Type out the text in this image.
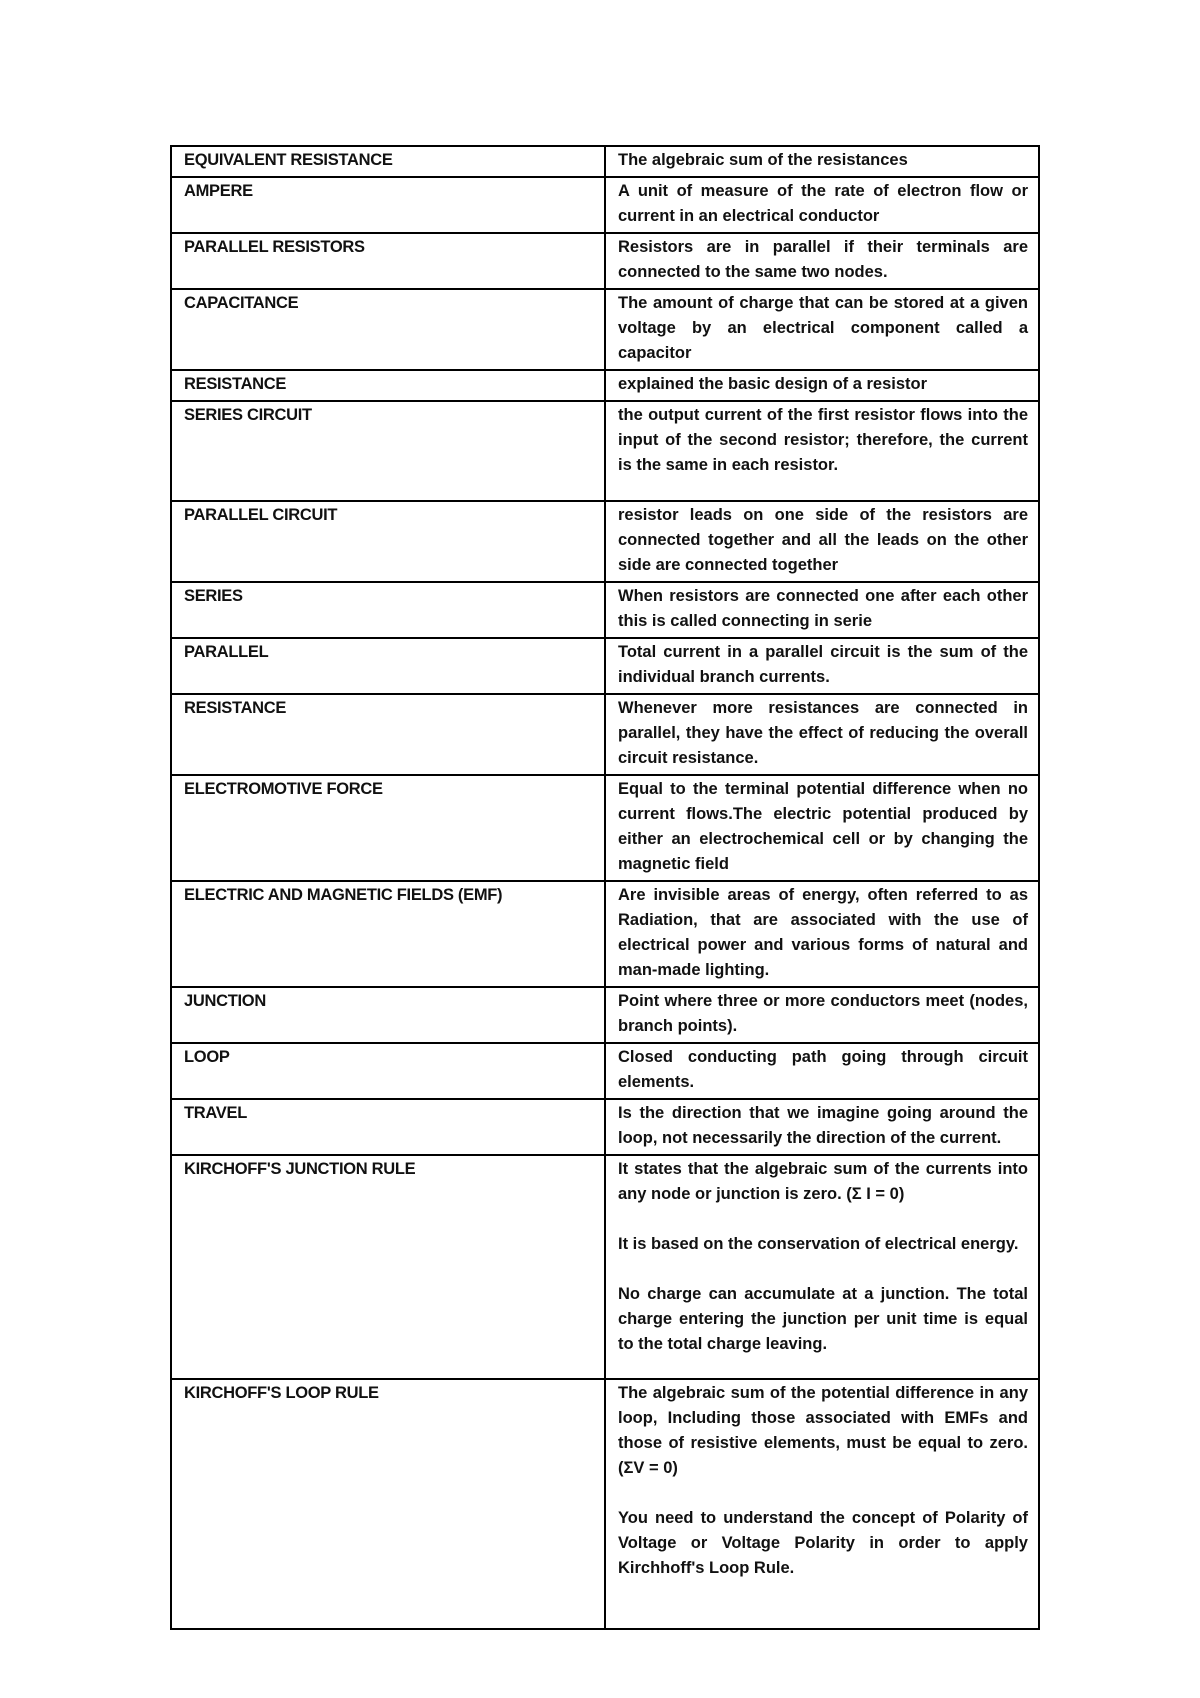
EQUIVALENT RESISTANCE	The algebraic sum of the resistances

AMPERE	A unit of measure of the rate of electron flow or current in an electrical conductor

PARALLEL RESISTORS	Resistors are in parallel if their terminals are connected to the same two nodes.

CAPACITANCE	The amount of charge that can be stored at a given voltage by an electrical component called a capacitor

RESISTANCE	explained the basic design of a resistor

SERIES CIRCUIT	the output current of the first resistor flows into the input of the second resistor; therefore, the current is the same in each resistor.

PARALLEL CIRCUIT	resistor leads on one side of the resistors are connected together and all the leads on the other side are connected together

SERIES	When resistors are connected one after each other this is called connecting in serie

PARALLEL	Total current in a parallel circuit is the sum of the individual branch currents.

RESISTANCE	Whenever more resistances are connected in parallel, they have the effect of reducing the overall circuit resistance.

ELECTROMOTIVE FORCE	Equal to the terminal potential difference when no current flows.The electric potential produced by either an electrochemical cell or by changing the magnetic field

ELECTRIC AND MAGNETIC FIELDS (EMF)	Are invisible areas of energy, often referred to as Radiation, that are associated with the use of electrical power and various forms of natural and man-made lighting.

JUNCTION	Point where three or more conductors meet (nodes, branch points).

LOOP	Closed conducting path going through circuit elements.

TRAVEL	Is the direction that we imagine going around the loop, not necessarily the direction of the current.

KIRCHOFF'S JUNCTION RULE	It states that the algebraic sum of the currents into any node or junction is zero. (Σ I = 0)
It is based on the conservation of electrical energy.
No charge can accumulate at a junction. The total charge entering the junction per unit time is equal to the total charge leaving.

KIRCHOFF'S LOOP RULE	The algebraic sum of the potential difference in any loop, Including those associated with EMFs and those of resistive elements, must be equal to zero. (ΣV = 0)
You need to understand the concept of Polarity of Voltage or Voltage Polarity in order to apply Kirchhoff's Loop Rule.
